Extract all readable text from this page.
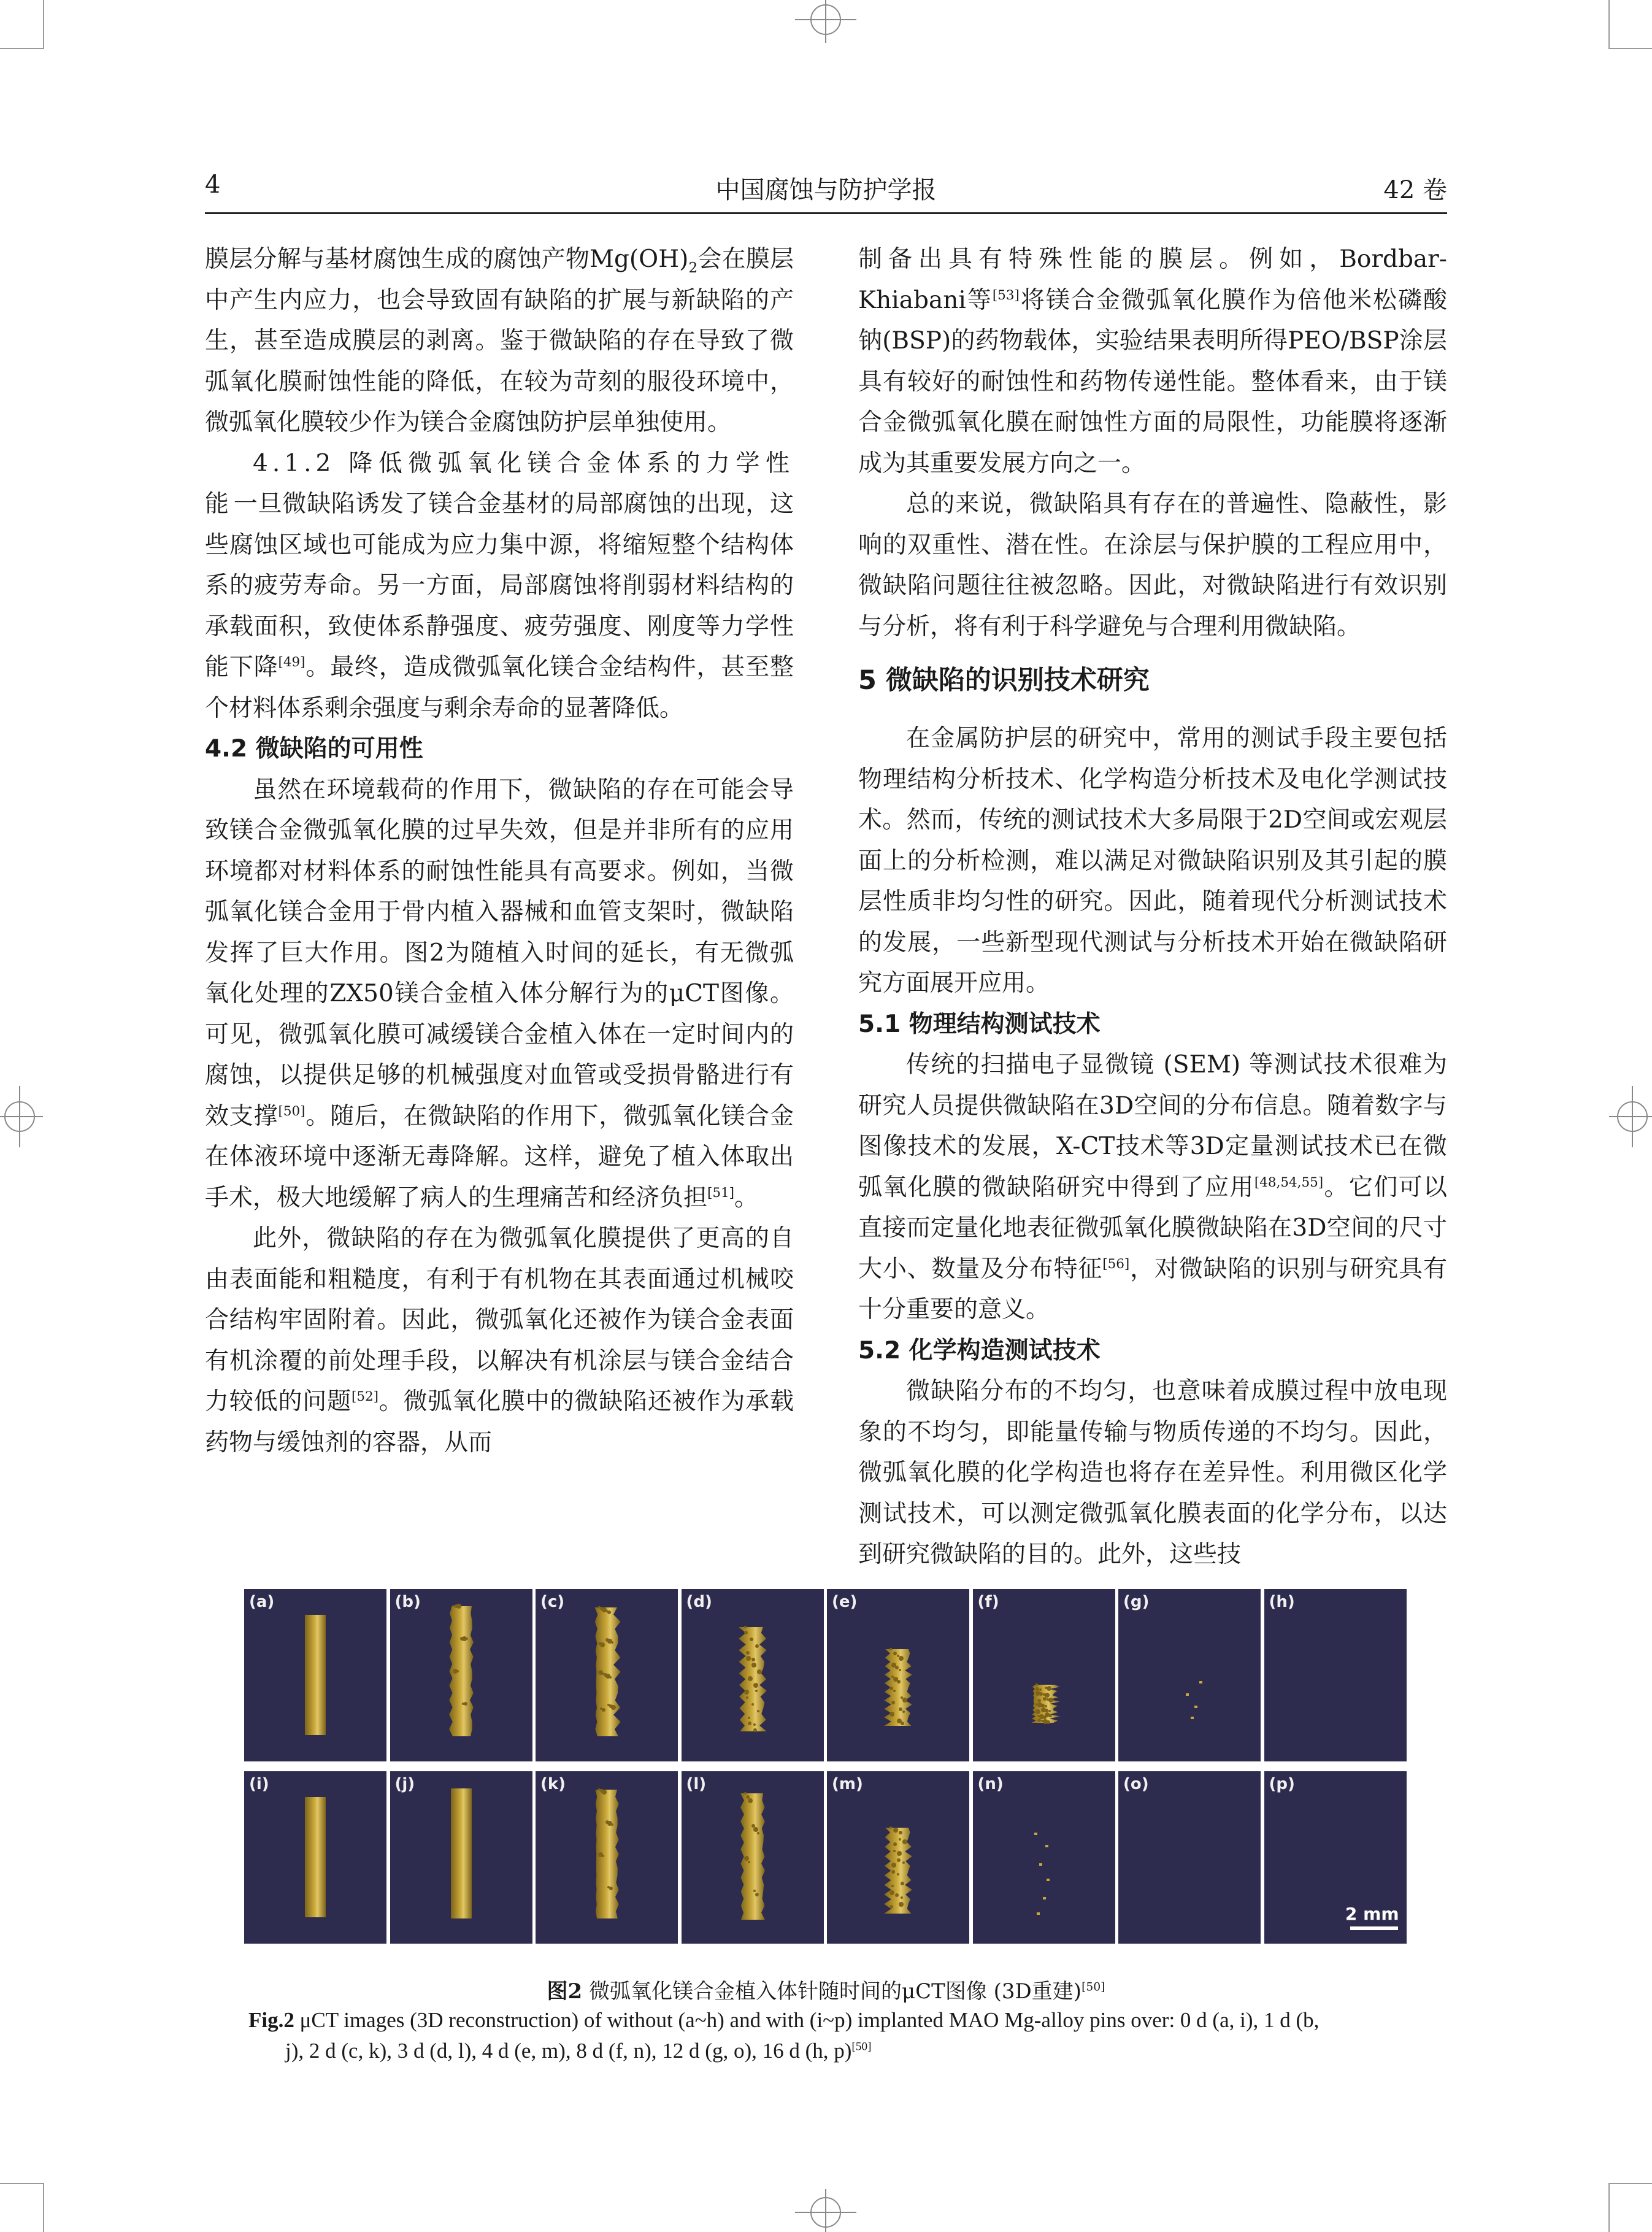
4	中国腐蚀与防护学报	42 卷

膜层分解与基材腐蚀生成的腐蚀产物$Mg(OH)_2$会在膜层中产生内应力，也会导致固有缺陷的扩展与新缺陷的产生，甚至造成膜层的剥离。鉴于微缺陷的存在导致了微弧氧化膜耐蚀性能的降低，在较为苛刻的服役环境中，微弧氧化膜较少作为镁合金腐蚀防护层单独使用。

4.1.2 降低微弧氧化镁合金体系的力学性能一旦微缺陷诱发了镁合金基材的局部腐蚀的出现，这些腐蚀区域也可能成为应力集中源，将缩短整个结构体系的疲劳寿命。另一方面，局部腐蚀将削弱材料结构的承载面积，致使体系静强度、疲劳强度、刚度等力学性能下降[49]。最终，造成微弧氧化镁合金结构件，甚至整个材料体系剩余强度与剩余寿命的显著降低。

4.2 微缺陷的可用性

虽然在环境载荷的作用下，微缺陷的存在可能会导致镁合金微弧氧化膜的过早失效，但是并非所有的应用环境都对材料体系的耐蚀性能具有高要求。例如，当微弧氧化镁合金用于骨内植入器械和血管支架时，微缺陷发挥了巨大作用。图2为随植入时间的延长，有无微弧氧化处理的ZX50镁合金植入体分解行为的μCT图像。可见，微弧氧化膜可减缓镁合金植入体在一定时间内的腐蚀，以提供足够的机械强度对血管或受损骨骼进行有效支撑[50]。随后，在微缺陷的作用下，微弧氧化镁合金在体液环境中逐渐无毒降解。这样，避免了植入体取出手术，极大地缓解了病人的生理痛苦和经济负担[51]。

此外，微缺陷的存在为微弧氧化膜提供了更高的自由表面能和粗糙度，有利于有机物在其表面通过机械咬合结构牢固附着。因此，微弧氧化还被作为镁合金表面有机涂覆的前处理手段，以解决有机涂层与镁合金结合力较低的问题[52]。微弧氧化膜中的微缺陷还被作为承载药物与缓蚀剂的容器，从而

制备出具有特殊性能的膜层。例如，Bordbar-Khiabani等[53]将镁合金微弧氧化膜作为倍他米松磷酸钠(BSP)的药物载体，实验结果表明所得PEO/BSP涂层具有较好的耐蚀性和药物传递性能。整体看来，由于镁合金微弧氧化膜在耐蚀性方面的局限性，功能膜将逐渐成为其重要发展方向之一。

总的来说，微缺陷具有存在的普遍性、隐蔽性，影响的双重性、潜在性。在涂层与保护膜的工程应用中，微缺陷问题往往被忽略。因此，对微缺陷进行有效识别与分析，将有利于科学避免与合理利用微缺陷。

5 微缺陷的识别技术研究

在金属防护层的研究中，常用的测试手段主要包括物理结构分析技术、化学构造分析技术及电化学测试技术。然而，传统的测试技术大多局限于2D空间或宏观层面上的分析检测，难以满足对微缺陷识别及其引起的膜层性质非均匀性的研究。因此，随着现代分析测试技术的发展，一些新型现代测试与分析技术开始在微缺陷研究方面展开应用。

5.1 物理结构测试技术

传统的扫描电子显微镜 (SEM) 等测试技术很难为研究人员提供微缺陷在3D空间的分布信息。随着数字与图像技术的发展，X-CT技术等3D定量测试技术已在微弧氧化膜的微缺陷研究中得到了应用[48,54,55]。它们可以直接而定量化地表征微弧氧化膜微缺陷在3D空间的尺寸大小、数量及分布特征[56]，对微缺陷的识别与研究具有十分重要的意义。

5.2 化学构造测试技术

微缺陷分布的不均匀，也意味着成膜过程中放电现象的不均匀，即能量传输与物质传递的不均匀。因此，微弧氧化膜的化学构造也将存在差异性。利用微区化学测试技术，可以测定微弧氧化膜表面的化学分布，以达到研究微缺陷的目的。此外，这些技

(a)	(b)	(c)	(d)	(e)	(f)	(g)	(h)
(i)	(j)	(k)	(l)	(m)	(n)	(o)	(p)
2 mm
图2 微弧氧化镁合金植入体针随时间的μCT图像 (3D重建)[50]
Fig.2 μCT images (3D reconstruction) of without (a~h) and with (i~p) implanted MAO Mg-alloy pins over: 0 d (a, i), 1 d (b,
j), 2 d (c, k), 3 d (d, l), 4 d (e, m), 8 d (f, n), 12 d (g, o), 16 d (h, p)[50]
